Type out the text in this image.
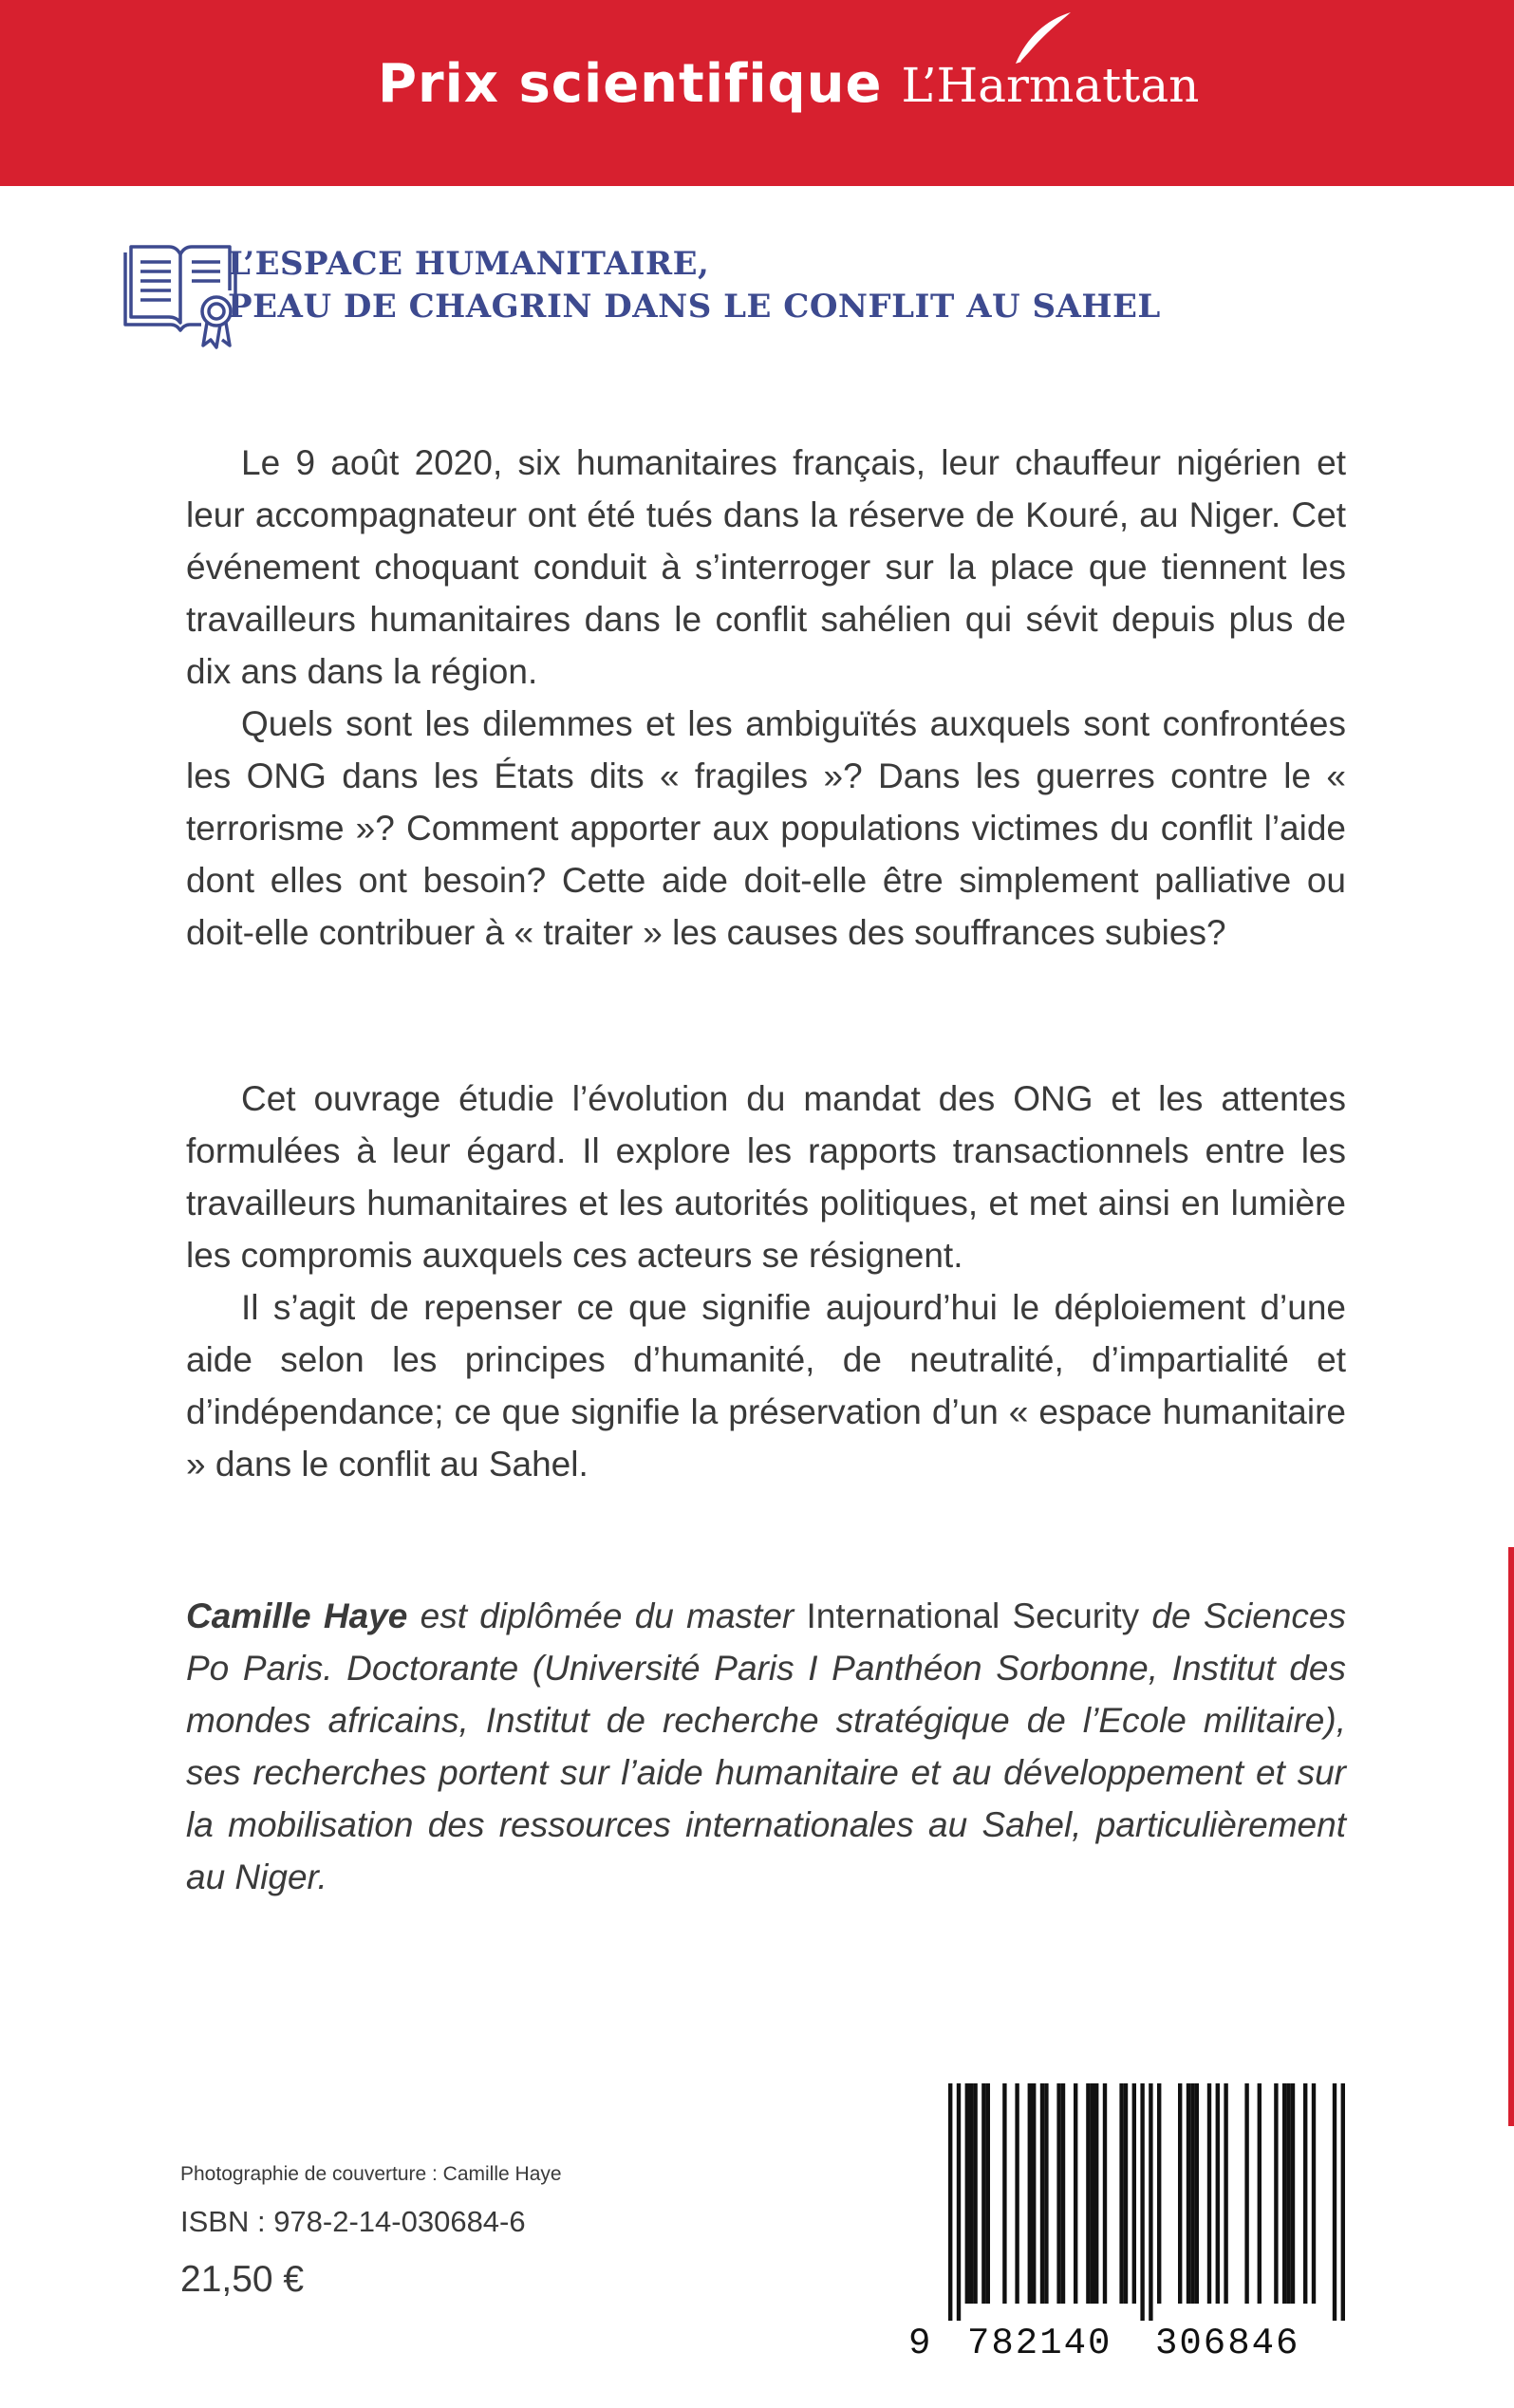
Prix scientifique L’Harmattan
L’ESPACE HUMANITAIRE,
PEAU DE CHAGRIN DANS LE CONFLIT AU SAHEL

Le 9 août 2020, six humanitaires français, leur chauffeur nigérien et leur accompagnateur ont été tués dans la réserve de Kouré, au Niger. Cet événement choquant conduit à s’interroger sur la place que tiennent les travailleurs humanitaires dans le conflit sahélien qui sévit depuis plus de dix ans dans la région.

Quels sont les dilemmes et les ambiguïtés auxquels sont confrontées les ONG dans les États dits « fragiles »? Dans les guerres contre le « terrorisme »? Comment apporter aux populations victimes du conflit l’aide dont elles ont besoin? Cette aide doit-elle être simplement palliative ou doit-elle contribuer à « traiter » les causes des souffrances subies?

Cet ouvrage étudie l’évolution du mandat des ONG et les attentes formulées à leur égard. Il explore les rapports transactionnels entre les travailleurs humanitaires et les autorités politiques, et met ainsi en lumière les compromis auxquels ces acteurs se résignent.

Il s’agit de repenser ce que signifie aujourd’hui le déploiement d’une aide selon les principes d’humanité, de neutralité, d’impartialité et d’indépendance; ce que signifie la préservation d’un « espace humanitaire » dans le conflit au Sahel.

Camille Haye est diplômée du master International Security de Sciences Po Paris. Doctorante (Université Paris I Panthéon Sorbonne, Institut des mondes africains, Institut de recherche stratégique de l’Ecole militaire), ses recherches portent sur l’aide humanitaire et au développement et sur la mobilisation des ressources internationales au Sahel, particulièrement au Niger.

Photographie de couverture : Camille Haye
ISBN : 978-2-14-030684-6
21,50 €
9 782140 306846
